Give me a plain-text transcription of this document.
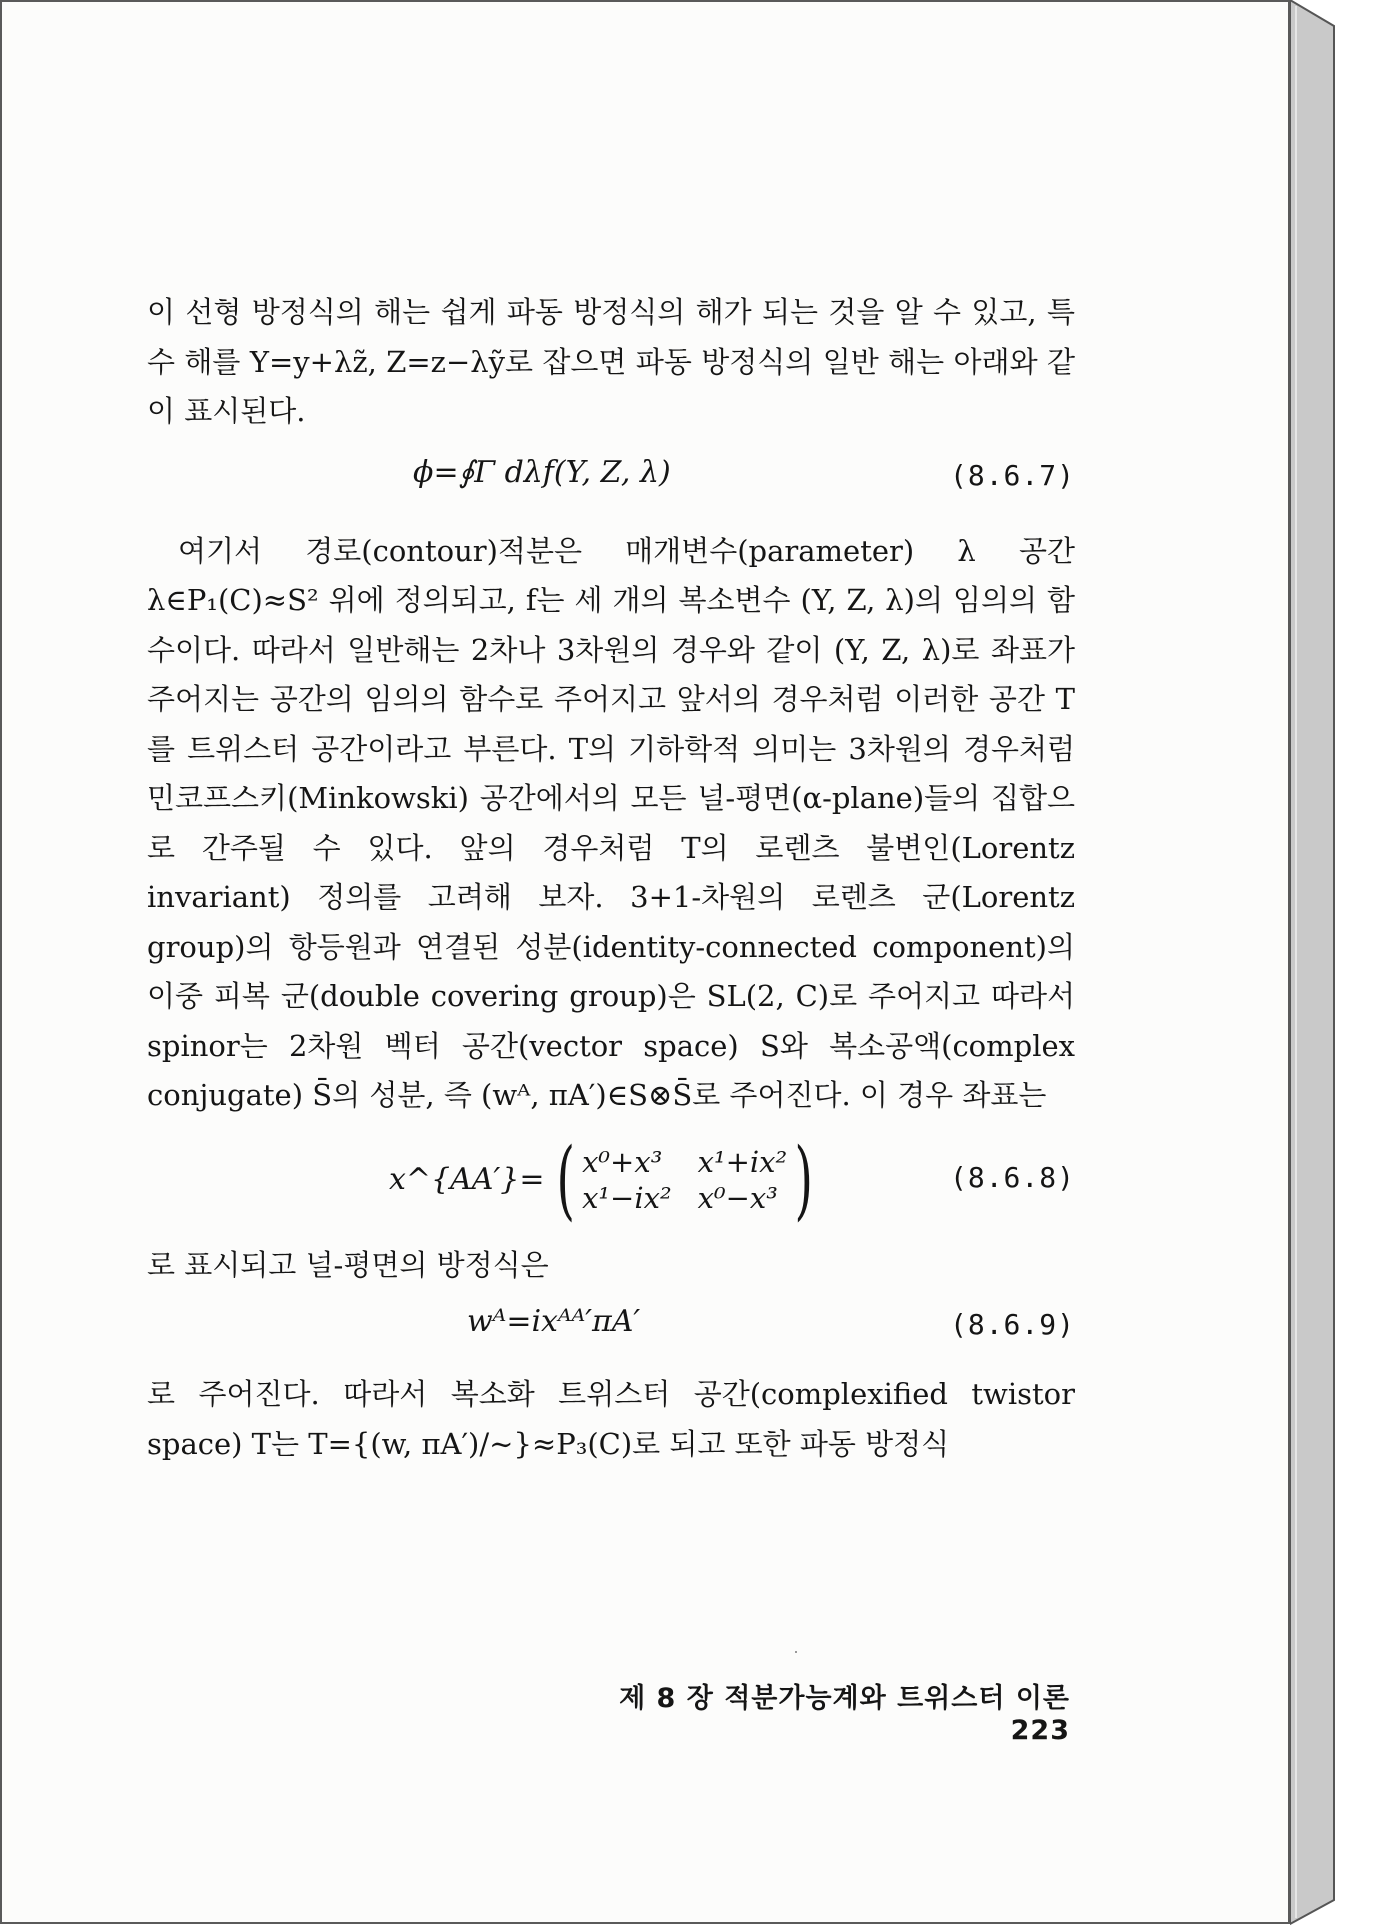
이 선형 방정식의 해는 쉽게 파동 방정식의 해가 되는 것을 알 수 있고, 특수 해를 Y=y+λz̃, Z=z−λỹ로 잡으면 파동 방정식의 일반 해는 아래와 같이 표시된다.

ϕ=∮Γ dλf(Y, Z, λ)	(8.6.7)

여기서 경로(contour)적분은 매개변수(parameter) λ 공간 λ∈P₁(C)≈S² 위에 정의되고, f는 세 개의 복소변수 (Y, Z, λ)의 임의의 함수이다. 따라서 일반해는 2차나 3차원의 경우와 같이 (Y, Z, λ)로 좌표가 주어지는 공간의 임의의 함수로 주어지고 앞서의 경우처럼 이러한 공간 T를 트위스터 공간이라고 부른다. T의 기하학적 의미는 3차원의 경우처럼 민코프스키(Minkowski) 공간에서의 모든 널-평면(α-plane)들의 집합으로 간주될 수 있다. 앞의 경우처럼 T의 로렌츠 불변인(Lorentz invariant) 정의를 고려해 보자. 3+1-차원의 로렌츠 군(Lorentz group)의 항등원과 연결된 성분(identity-connected component)의 이중 피복 군(double covering group)은 SL(2, C)로 주어지고 따라서 spinor는 2차원 벡터 공간(vector space) S와 복소공액(complex conjugate) S̄의 성분, 즉 (wᴬ, πA′)∈S⊗S̄로 주어진다. 이 경우 좌표는

x^{AA′}= ( x⁰+x³	x¹+ix²
x¹−ix² x⁰−x³ )	(8.6.8)

로 표시되고 널-평면의 방정식은

wᴬ=ixᴬᴬ′πA′	(8.6.9)

로 주어진다. 따라서 복소화 트위스터 공간(complexified twistor space) T는 T={(w, πA′)/∼}≈P₃(C)로 되고 또한 파동 방정식

제 8 장 적분가능계와 트위스터 이론 223
